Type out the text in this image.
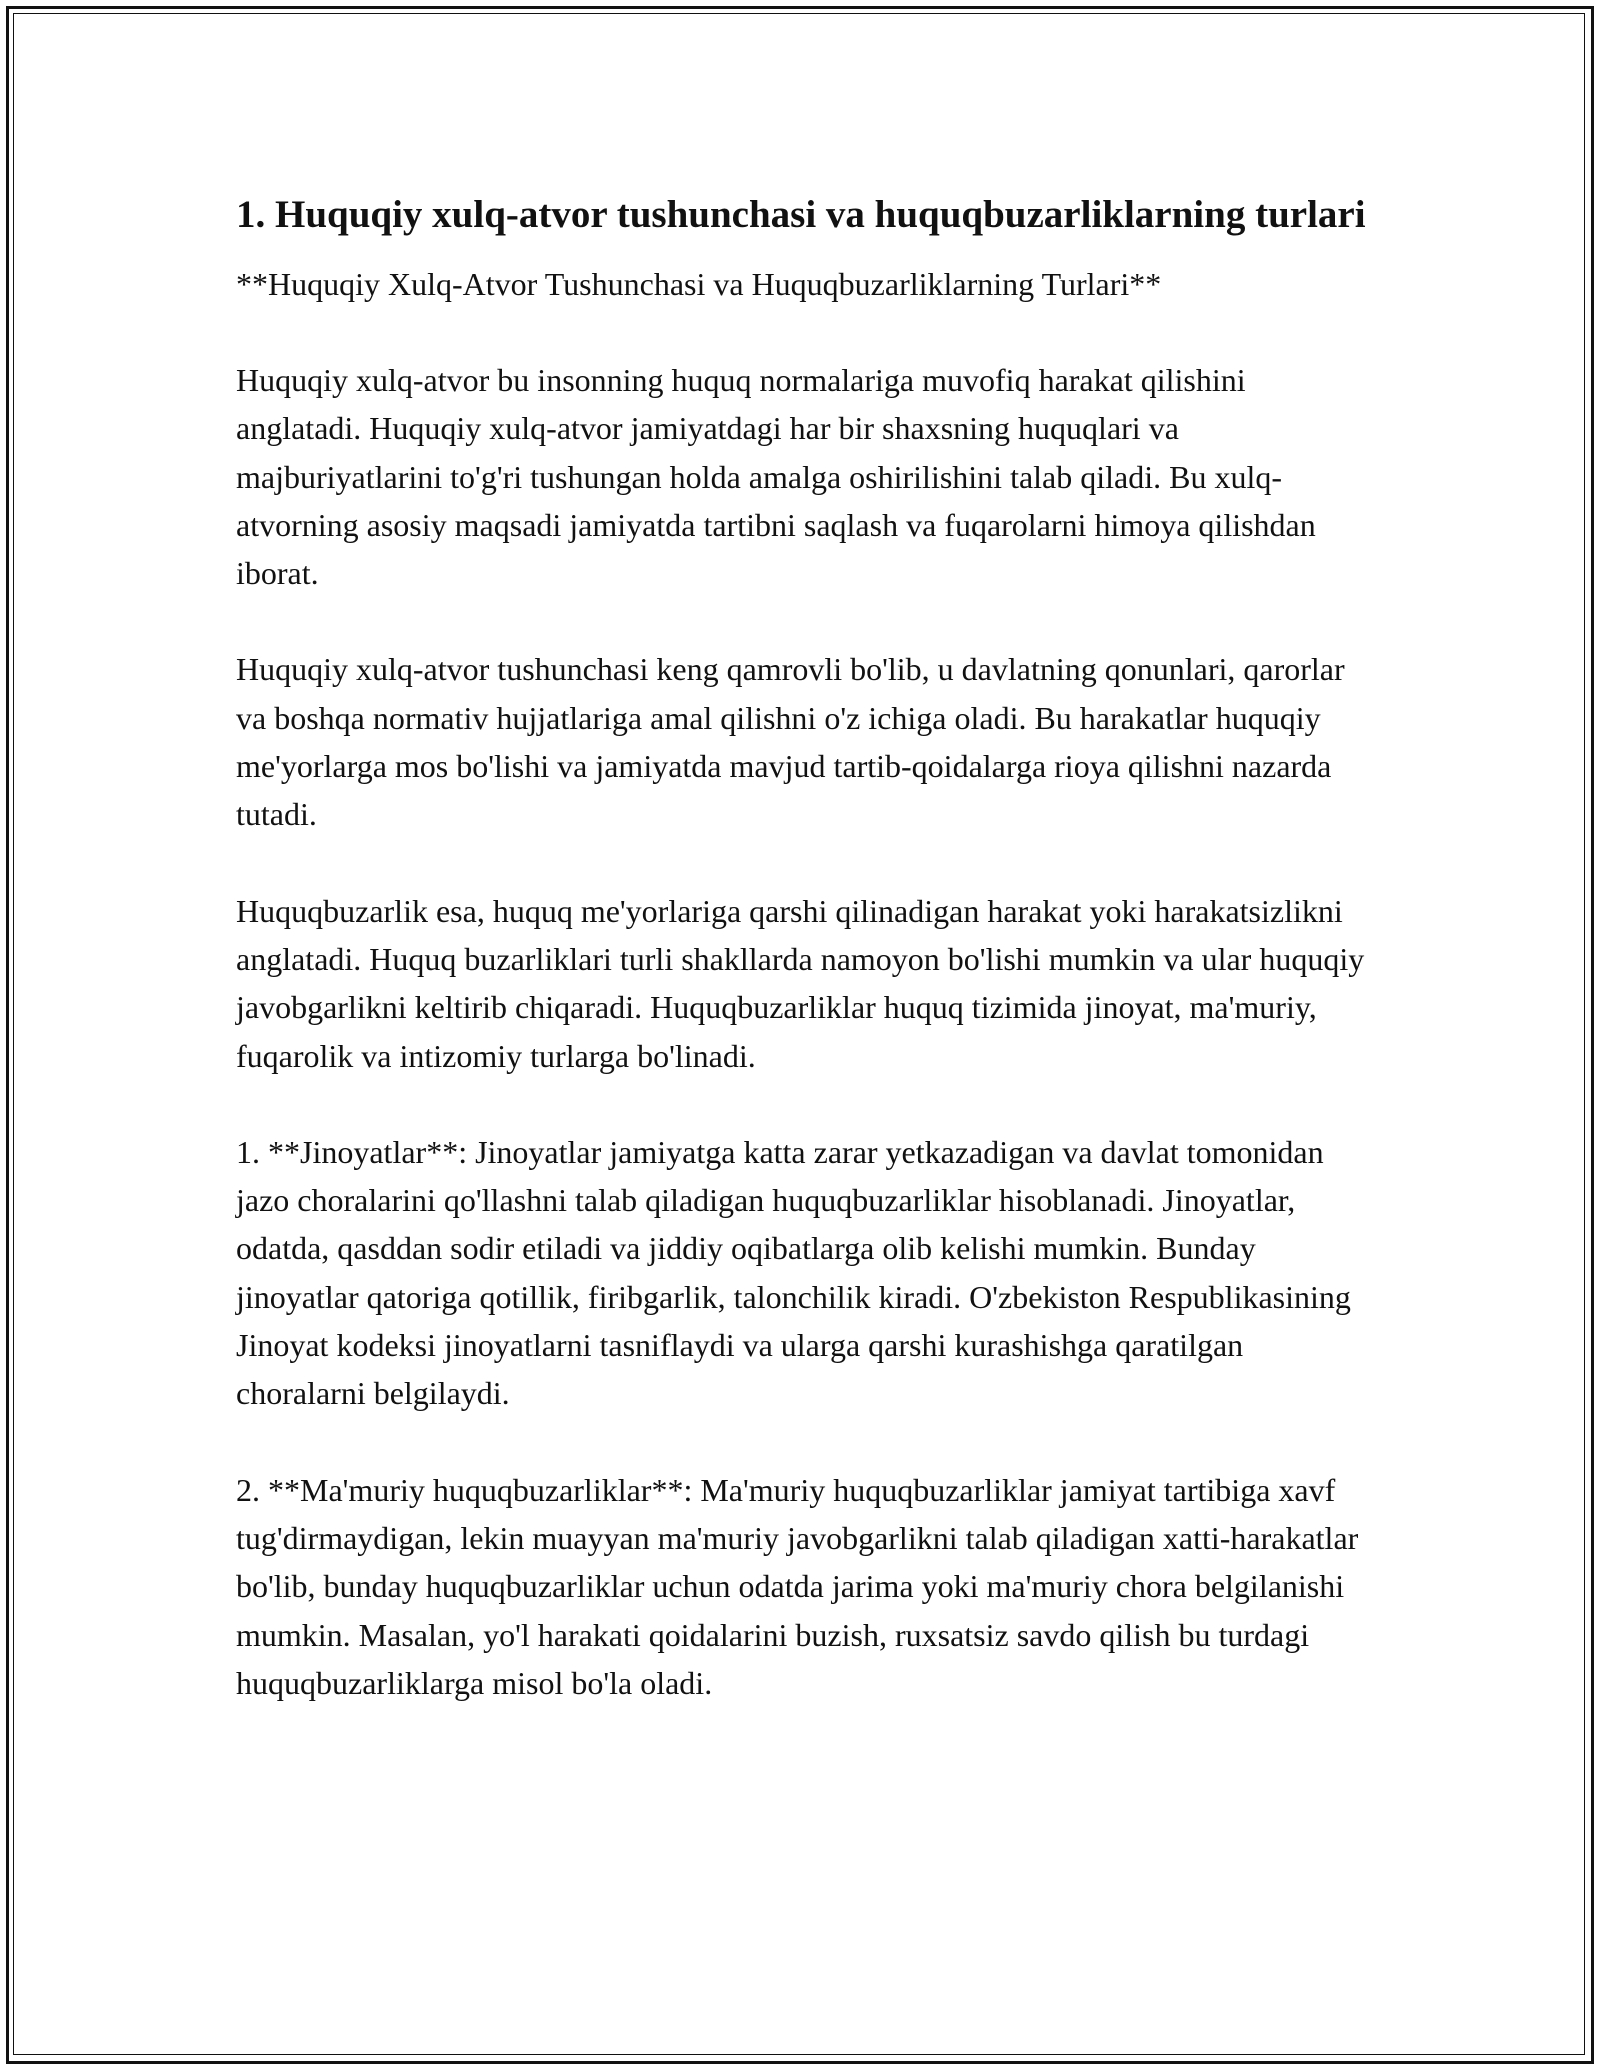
1. Huquqiy xulq-atvor tushunchasi va huquqbuzarliklarning turlari

**Huquqiy Xulq-Atvor Tushunchasi va Huquqbuzarliklarning Turlari**

Huquqiy xulq-atvor bu insonning huquq normalariga muvofiq harakat qilishini anglatadi. Huquqiy xulq-atvor jamiyatdagi har bir shaxsning huquqlari va majburiyatlarini to'g'ri tushungan holda amalga oshirilishini talab qiladi. Bu xulq-atvorning asosiy maqsadi jamiyatda tartibni saqlash va fuqarolarni himoya qilishdan iborat.

Huquqiy xulq-atvor tushunchasi keng qamrovli bo'lib, u davlatning qonunlari, qarorlar va boshqa normativ hujjatlariga amal qilishni o'z ichiga oladi. Bu harakatlar huquqiy me'yorlarga mos bo'lishi va jamiyatda mavjud tartib-qoidalarga rioya qilishni nazarda tutadi.

Huquqbuzarlik esa, huquq me'yorlariga qarshi qilinadigan harakat yoki harakatsizlikni anglatadi. Huquq buzarliklari turli shakllarda namoyon bo'lishi mumkin va ular huquqiy javobgarlikni keltirib chiqaradi. Huquqbuzarliklar huquq tizimida jinoyat, ma'muriy, fuqarolik va intizomiy turlarga bo'linadi.

1. **Jinoyatlar**: Jinoyatlar jamiyatga katta zarar yetkazadigan va davlat tomonidan jazo choralarini qo'llashni talab qiladigan huquqbuzarliklar hisoblanadi. Jinoyatlar, odatda, qasddan sodir etiladi va jiddiy oqibatlarga olib kelishi mumkin. Bunday jinoyatlar qatoriga qotillik, firibgarlik, talonchilik kiradi. O'zbekiston Respublikasining Jinoyat kodeksi jinoyatlarni tasniflaydi va ularga qarshi kurashishga qaratilgan choralarni belgilaydi.

2. **Ma'muriy huquqbuzarliklar**: Ma'muriy huquqbuzarliklar jamiyat tartibiga xavf tug'dirmaydigan, lekin muayyan ma'muriy javobgarlikni talab qiladigan xatti-harakatlar bo'lib, bunday huquqbuzarliklar uchun odatda jarima yoki ma'muriy chora belgilanishi mumkin. Masalan, yo'l harakati qoidalarini buzish, ruxsatsiz savdo qilish bu turdagi huquqbuzarliklarga misol bo'la oladi.
